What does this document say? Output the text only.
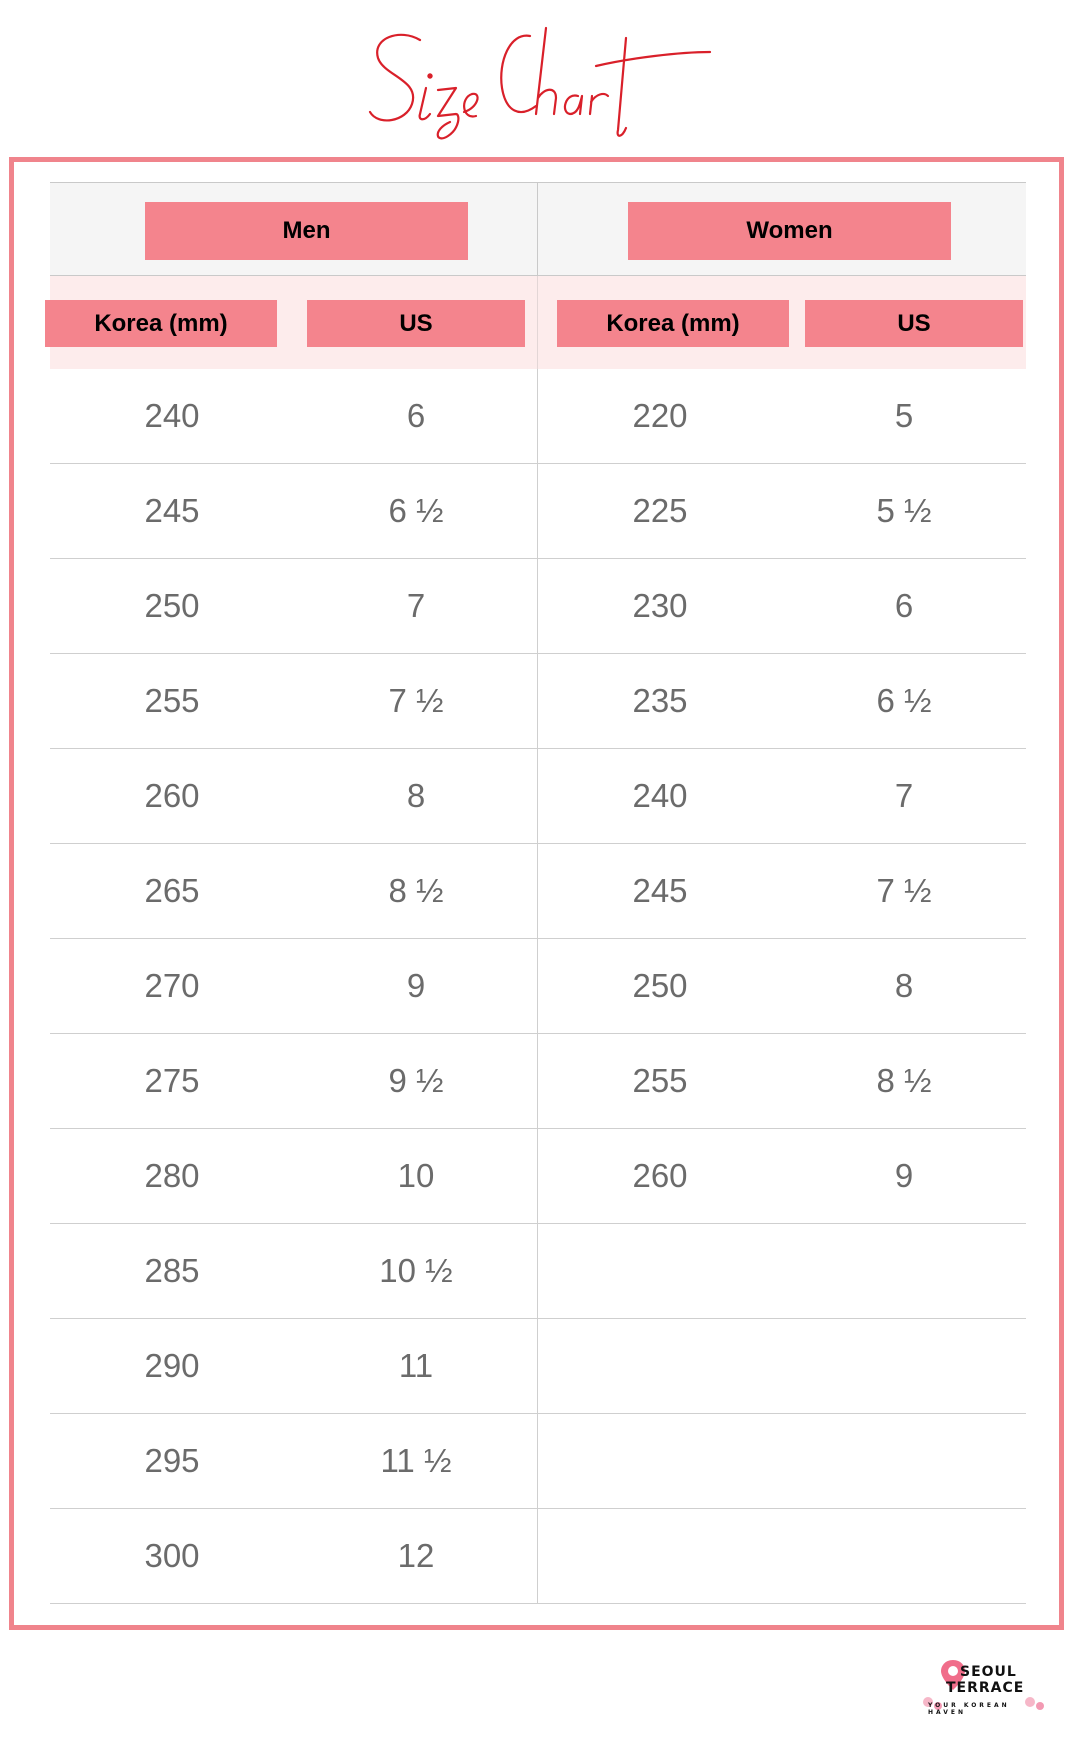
Men	Women
Korea (mm)	US	Korea (mm)	US
240	6	220	5
245	6 ½	225	5 ½
250	7	230	6
255	7 ½	235	6 ½
260	8	240	7
265	8 ½	245	7 ½
270	9	250	8
275	9 ½	255	8 ½
280	10	260	9
285	10 ½
290	11
295	11 ½
300	12
SEOUL
TERRACE
YOUR KOREAN HAVEN
